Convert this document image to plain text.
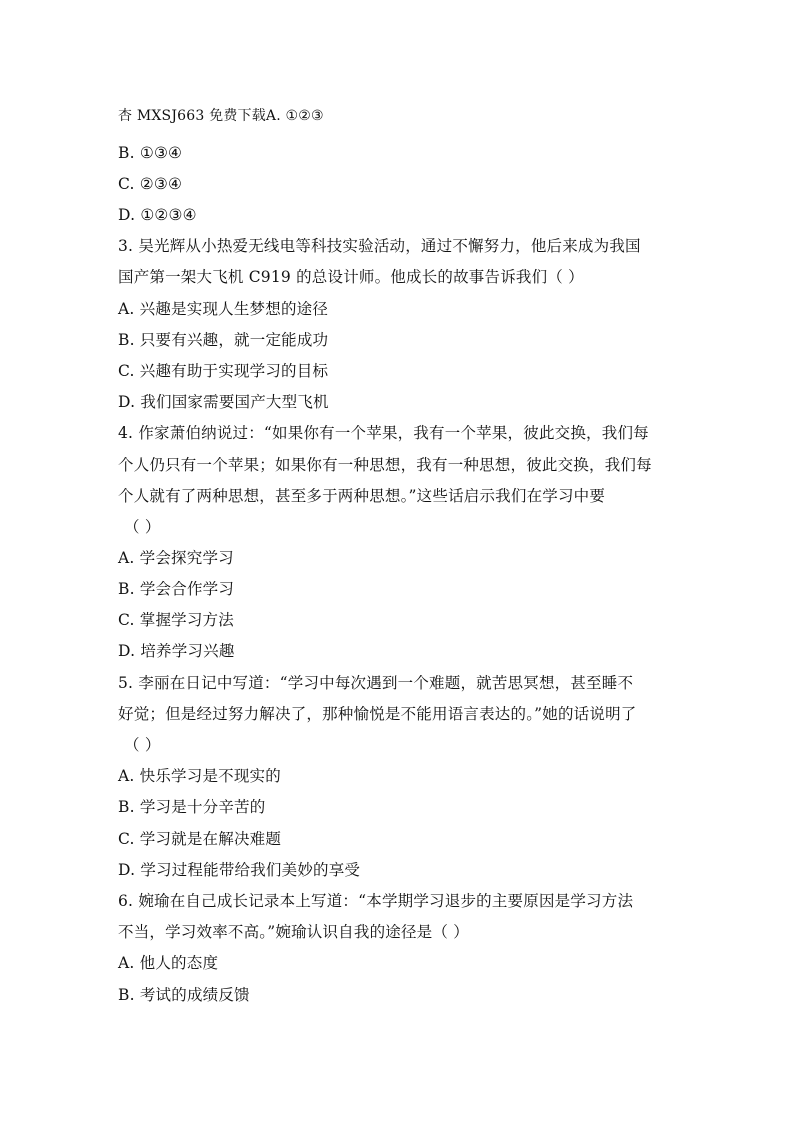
杏 MXSJ663 免费下载A. ①②③
B. ①③④
C. ②③④
D. ①②③④
3. 吴光辉从小热爱无线电等科技实验活动，通过不懈努力，他后来成为我国
国产第一架大飞机 C919 的总设计师。他成长的故事告诉我们（ ）
A. 兴趣是实现人生梦想的途径
B. 只要有兴趣，就一定能成功
C. 兴趣有助于实现学习的目标
D. 我们国家需要国产大型飞机
4. 作家萧伯纳说过：“如果你有一个苹果，我有一个苹果，彼此交换，我们每
个人仍只有一个苹果；如果你有一种思想，我有一种思想，彼此交换，我们每
个人就有了两种思想，甚至多于两种思想。”这些话启示我们在学习中要
（ ）
A. 学会探究学习
B. 学会合作学习
C. 掌握学习方法
D. 培养学习兴趣
5. 李丽在日记中写道：“学习中每次遇到一个难题，就苦思冥想，甚至睡不
好觉；但是经过努力解决了，那种愉悦是不能用语言表达的。”她的话说明了
（ ）
A. 快乐学习是不现实的
B. 学习是十分辛苦的
C. 学习就是在解决难题
D. 学习过程能带给我们美妙的享受
6. 婉瑜在自己成长记录本上写道：“本学期学习退步的主要原因是学习方法
不当，学习效率不高。”婉瑜认识自我的途径是（ ）
A. 他人的态度
B. 考试的成绩反馈
